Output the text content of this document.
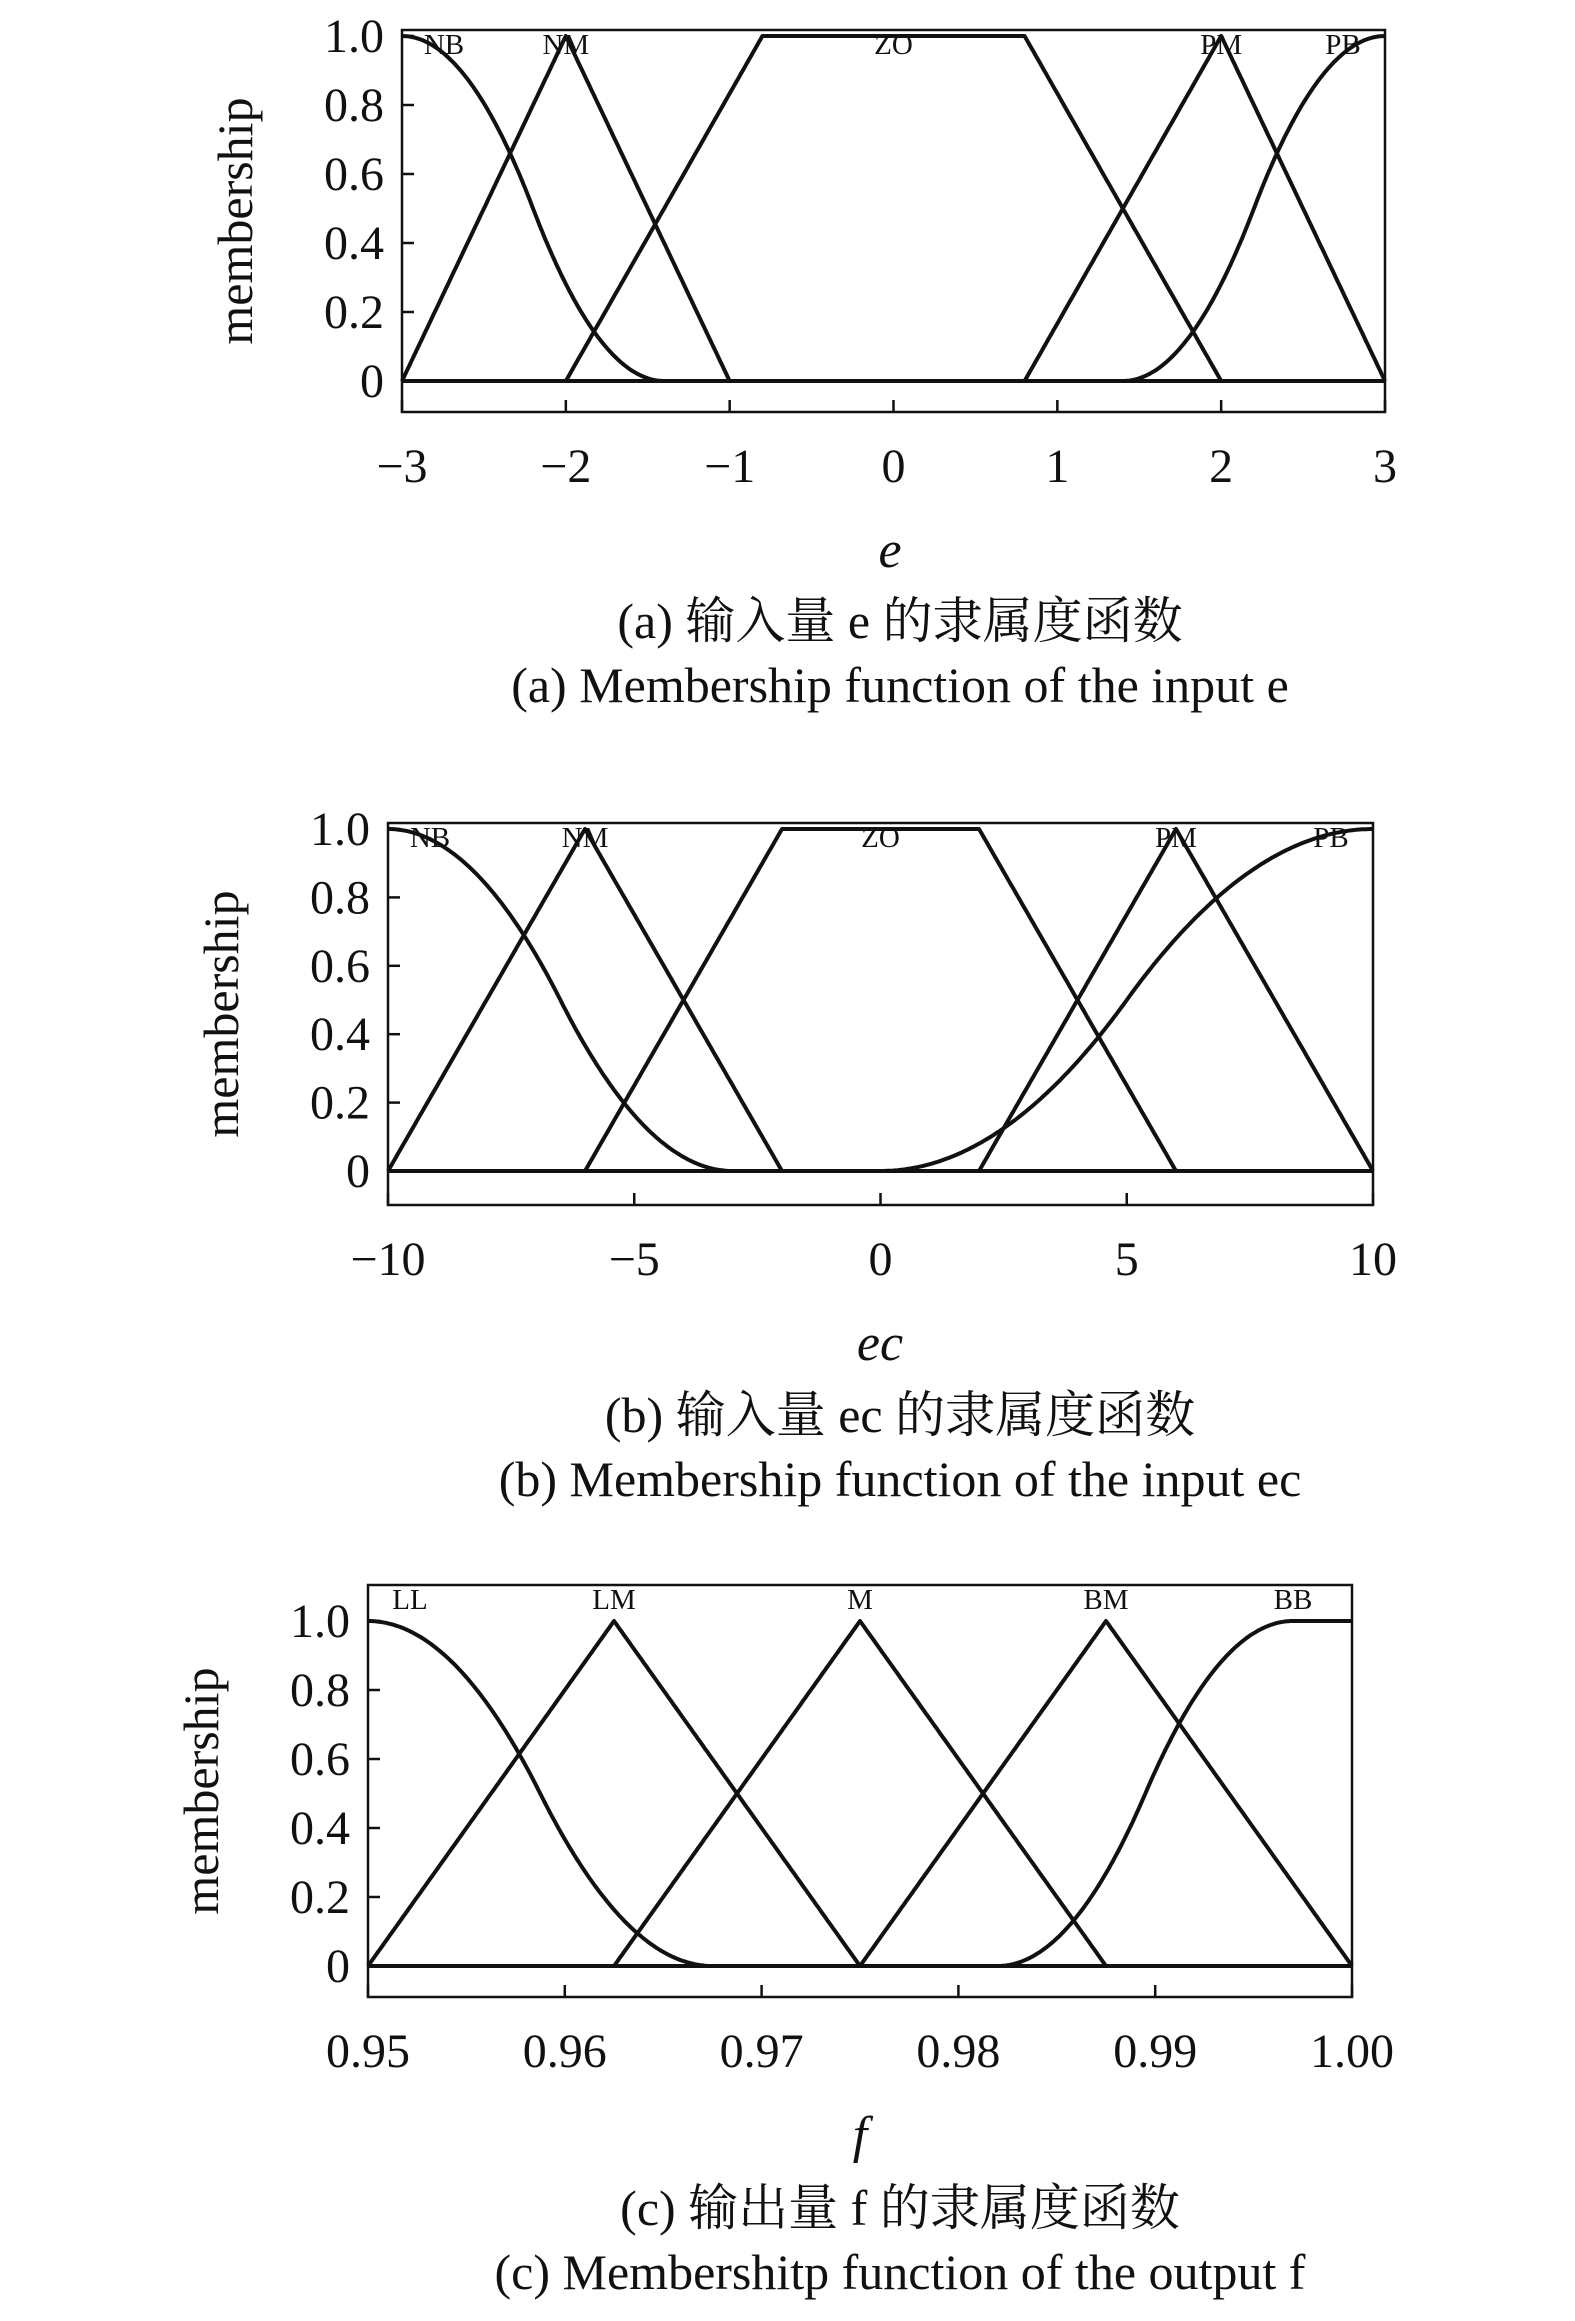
0
0.2
0.4
0.6
0.8
1.0
−3 −2 −1	0	1	2	3
membership
e
NB	NM	ZO	PM	PB
(a) 输入量 e 的隶属度函数
(a) Membership function of the input e
0
0.2
0.4
0.6
0.8
1.0
−10	−5	0	5	10
membership
ec
NB	NM	ZO	PM	PB
(b) 输入量 ec 的隶属度函数
(b) Membership function of the input ec
0
0.2
0.4
0.6
0.8
1.0
0.95 0.96 0.97 0.98 0.99 1.00
membership
f
LL	LM	M	BM	BB
(c) 输出量 f 的隶属度函数
(c) Membershitp function of the output f
